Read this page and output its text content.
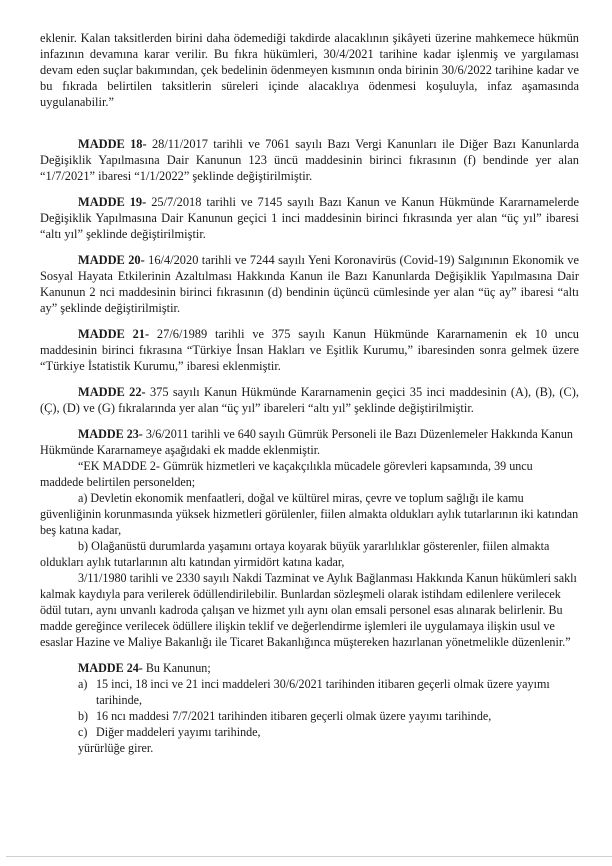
eklenir. Kalan taksitlerden birini daha ödemediği takdirde alacaklının şikâyeti üzerine mahkemece hükmün infazının devamına karar verilir. Bu fıkra hükümleri, 30/4/2021 tarihine kadar işlenmiş ve yargılaması devam eden suçlar bakımından, çek bedelinin ödenmeyen kısmının onda birinin 30/6/2022 tarihine kadar ve bu fıkrada belirtilen taksitlerin süreleri içinde alacaklıya ödenmesi koşuluyla, infaz aşamasında uygulanabilir.”

MADDE 18- 28/11/2017 tarihli ve 7061 sayılı Bazı Vergi Kanunları ile Diğer Bazı Kanunlarda Değişiklik Yapılmasına Dair Kanunun 123 üncü maddesinin birinci fıkrasının (f) bendinde yer alan “1/7/2021” ibaresi “1/1/2022” şeklinde değiştirilmiştir.

MADDE 19- 25/7/2018 tarihli ve 7145 sayılı Bazı Kanun ve Kanun Hükmünde Kararnamelerde Değişiklik Yapılmasına Dair Kanunun geçici 1 inci maddesinin birinci fıkrasında yer alan “üç yıl” ibaresi “altı yıl” şeklinde değiştirilmiştir.

MADDE 20- 16/4/2020 tarihli ve 7244 sayılı Yeni Koronavirüs (Covid-19) Salgınının Ekonomik ve Sosyal Hayata Etkilerinin Azaltılması Hakkında Kanun ile Bazı Kanunlarda Değişiklik Yapılmasına Dair Kanunun 2 nci maddesinin birinci fıkrasının (d) bendinin üçüncü cümlesinde yer alan “üç ay” ibaresi “altı ay” şeklinde değiştirilmiştir.

MADDE 21- 27/6/1989 tarihli ve 375 sayılı Kanun Hükmünde Kararnamenin ek 10 uncu maddesinin birinci fıkrasına “Türkiye İnsan Hakları ve Eşitlik Kurumu,” ibaresinden sonra gelmek üzere “Türkiye İstatistik Kurumu,” ibaresi eklenmiştir.

MADDE 22- 375 sayılı Kanun Hükmünde Kararnamenin geçici 35 inci maddesinin (A), (B), (C), (Ç), (D) ve (G) fıkralarında yer alan “üç yıl” ibareleri “altı yıl” şeklinde değiştirilmiştir.

MADDE 23- 3/6/2011 tarihli ve 640 sayılı Gümrük Personeli ile Bazı Düzenlemeler Hakkında Kanun Hükmünde Kararnameye aşağıdaki ek madde eklenmiştir.

“EK MADDE 2- Gümrük hizmetleri ve kaçakçılıkla mücadele görevleri kapsamında, 39 uncu maddede belirtilen personelden;

a) Devletin ekonomik menfaatleri, doğal ve kültürel miras, çevre ve toplum sağlığı ile kamu güvenliğinin korunmasında yüksek hizmetleri görülenler, fiilen almakta oldukları aylık tutarlarının iki katından beş katına kadar,

b) Olağanüstü durumlarda yaşamını ortaya koyarak büyük yararlılıklar gösterenler, fiilen almakta oldukları aylık tutarlarının altı katından yirmidört katına kadar,

3/11/1980 tarihli ve 2330 sayılı Nakdi Tazminat ve Aylık Bağlanması Hakkında Kanun hükümleri saklı kalmak kaydıyla para verilerek ödüllendirilebilir. Bunlardan sözleşmeli olarak istihdam edilenlere verilecek ödül tutarı, aynı unvanlı kadroda çalışan ve hizmet yılı aynı olan emsali personel esas alınarak belirlenir. Bu madde gereğince verilecek ödüllere ilişkin teklif ve değerlendirme işlemleri ile uygulamaya ilişkin usul ve esaslar Hazine ve Maliye Bakanlığı ile Ticaret Bakanlığınca müştereken hazırlanan yönetmelikle düzenlenir.”

MADDE 24- Bu Kanunun;

a) 15 inci, 18 inci ve 21 inci maddeleri 30/6/2021 tarihinden itibaren geçerli olmak üzere yayımı tarihinde,
b) 16 ncı maddesi 7/7/2021 tarihinden itibaren geçerli olmak üzere yayımı tarihinde,
c) Diğer maddeleri yayımı tarihinde,

yürürlüğe girer.
